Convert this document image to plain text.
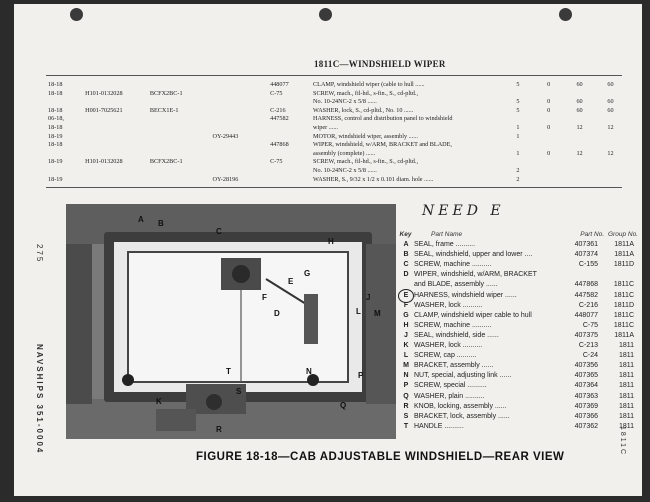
1811C—WINDSHIELD WIPER
18-18				448077	CLAMP, windshield wiper (cable to hull ......	5	0	60	60
18-18	H101-0132028	BCFX2BC-1		C-75	SCREW, mach., fil-hd., s-fin., S., cd-pltd.,				
					No. 10-24NC-2 x 5/8 ......	5	0	60	60
18-18	H001-7025621	BECX1E-1		C-216	WASHER, lock, S., cd-pltd., No. 10 ......	5	0	60	60
06-18,				447582	HARNESS, control and distribution panel to windshield				
18-18					wiper ......	1	0	12	12
18-19			OY-29443		MOTOR, windshield wiper, assembly ......	1			
18-18				447868	WIPER, windshield, w/ARM, BRACKET and BLADE,				
					assembly (complete) ......	1	0	12	12
18-19	H101-0132028	BCFX2BC-1		C-75	SCREW, mach., fil-hd., s-fin., S., cd-pltd.,				
					No. 10-24NC-2 x 5/8 ......	2			
18-19			OY-28196		WASHER, S., 9/32 x 1/2 x 0.101 diam. hole ......	2			
275
NAVSHIPS 351-0004	1811C
A B
C
D
E
F
G
H
J
K
L M
N	P
Q
R
S
T
NEED E
Key	Part Name	Part No. Group No.
A SEAL, frame ..........	407361	1811A
B SEAL, windshield, upper and lower ....	407374	1811A
C SCREW, machine ..........	C-155	1811D
D WIPER, windshield, w/ARM, BRACKET
and BLADE, assembly ......	447868	1811C
E HARNESS, windshield wiper ......	447582	1811C
F WASHER, lock ..........	C-216	1811D
G CLAMP, windshield wiper cable to hull	448077	1811C
H SCREW, machine ..........	C-75	1811C
J SEAL, windshield, side ......	407375	1811A
K WASHER, lock ..........	C-213	1811
L SCREW, cap ..........	C-24	1811
M BRACKET, assembly ......	407356	1811
N NUT, special, adjusting link ......	407365	1811
P SCREW, special ..........	407364	1811
Q WASHER, plain ..........	407363	1811
R KNOB, locking, assembly ......	407369	1811
S BRACKET, lock, assembly ......	407366	1811
T HANDLE ..........	407362	1811
FIGURE 18-18—CAB ADJUSTABLE WINDSHIELD—REAR VIEW
